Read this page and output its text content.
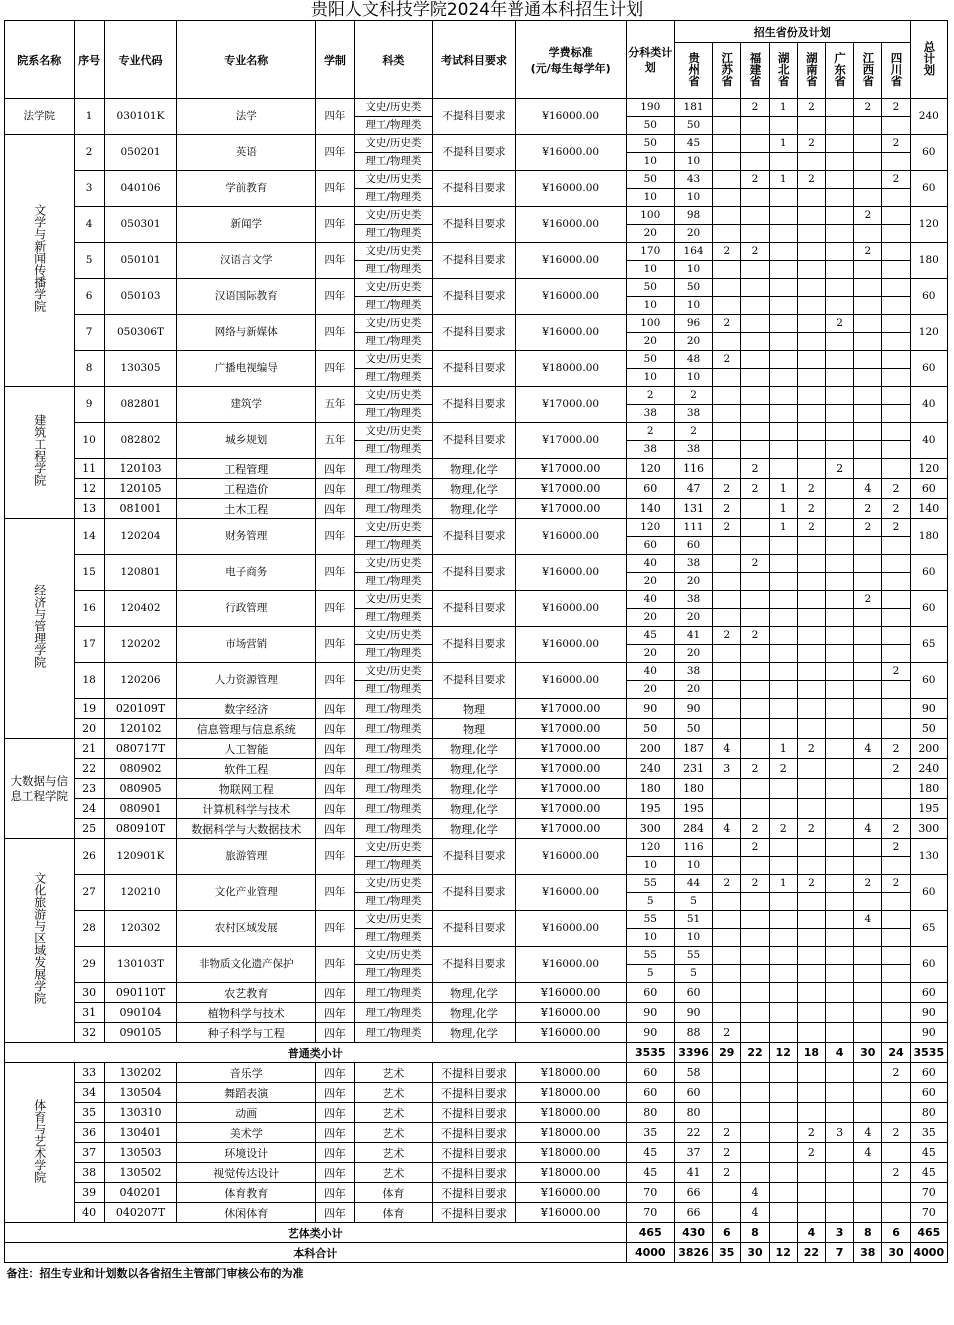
贵阳人文科技学院2024年普通本科招生计划
院系名称	序号	专业代码	专业名称	学制	科类	考试科目要求	学费标准
(元/每生每学年)	分科类计划	招生省份及计划								总计划
									贵州省	江苏省	福建省	湖北省	湖南省	广东省	江西省	四川省	
法学院	1	030101K	法学	四年	文史/历史类	不提科目要求	¥16000.00	190	181		2	1	2		2	2	240
					理工/物理类			50	50								
文学与新闻传播学院	2	050201	英语	四年	文史/历史类	不提科目要求	¥16000.00	50	45			1	2			2	60
					理工/物理类			10	10								
	3	040106	学前教育	四年	文史/历史类	不提科目要求	¥16000.00	50	43		2	1	2			2	60
					理工/物理类			10	10								
	4	050301	新闻学	四年	文史/历史类	不提科目要求	¥16000.00	100	98						2		120
					理工/物理类			20	20								
	5	050101	汉语言文学	四年	文史/历史类	不提科目要求	¥16000.00	170	164	2	2				2		180
					理工/物理类			10	10								
	6	050103	汉语国际教育	四年	文史/历史类	不提科目要求	¥16000.00	50	50								60
					理工/物理类			10	10								
	7	050306T	网络与新媒体	四年	文史/历史类	不提科目要求	¥16000.00	100	96	2				2			120
					理工/物理类			20	20								
	8	130305	广播电视编导	四年	文史/历史类	不提科目要求	¥18000.00	50	48	2							60
					理工/物理类			10	10								
建筑工程学院	9	082801	建筑学	五年	文史/历史类	不提科目要求	¥17000.00	2	2								40
					理工/物理类			38	38								
	10	082802	城乡规划	五年	文史/历史类	不提科目要求	¥17000.00	2	2								40
					理工/物理类			38	38								
	11	120103	工程管理	四年	理工/物理类	物理,化学	¥17000.00	120	116		2			2			120
	12	120105	工程造价	四年	理工/物理类	物理,化学	¥17000.00	60	47	2	2	1	2		4	2	60
	13	081001	土木工程	四年	理工/物理类	物理,化学	¥17000.00	140	131	2		1	2		2	2	140
经济与管理学院	14	120204	财务管理	四年	文史/历史类	不提科目要求	¥16000.00	120	111	2		1	2		2	2	180
					理工/物理类			60	60								
	15	120801	电子商务	四年	文史/历史类	不提科目要求	¥16000.00	40	38		2						60
					理工/物理类			20	20								
	16	120402	行政管理	四年	文史/历史类	不提科目要求	¥16000.00	40	38						2		60
					理工/物理类			20	20								
	17	120202	市场营销	四年	文史/历史类	不提科目要求	¥16000.00	45	41	2	2						65
					理工/物理类			20	20								
	18	120206	人力资源管理	四年	文史/历史类	不提科目要求	¥16000.00	40	38							2	60
					理工/物理类			20	20								
	19	020109T	数字经济	四年	理工/物理类	物理	¥17000.00	90	90								90
	20	120102	信息管理与信息系统	四年	理工/物理类	物理	¥17000.00	50	50								50
大数据与信息工程学院	21	080717T	人工智能	四年	理工/物理类	物理,化学	¥17000.00	200	187	4		1	2		4	2	200
	22	080902	软件工程	四年	理工/物理类	物理,化学	¥17000.00	240	231	3	2	2				2	240
	23	080905	物联网工程	四年	理工/物理类	物理,化学	¥17000.00	180	180								180
	24	080901	计算机科学与技术	四年	理工/物理类	物理,化学	¥17000.00	195	195								195
	25	080910T	数据科学与大数据技术	四年	理工/物理类	物理,化学	¥17000.00	300	284	4	2	2	2		4	2	300
文化旅游与区域发展学院	26	120901K	旅游管理	四年	文史/历史类	不提科目要求	¥16000.00	120	116		2					2	130
					理工/物理类			10	10								
	27	120210	文化产业管理	四年	文史/历史类	不提科目要求	¥16000.00	55	44	2	2	1	2		2	2	60
					理工/物理类			5	5								
	28	120302	农村区域发展	四年	文史/历史类	不提科目要求	¥16000.00	55	51						4		65
					理工/物理类			10	10								
	29	130103T	非物质文化遗产保护	四年	文史/历史类	不提科目要求	¥16000.00	55	55								60
					理工/物理类			5	5								
	30	090110T	农艺教育	四年	理工/物理类	物理,化学	¥16000.00	60	60								60
	31	090104	植物科学与技术	四年	理工/物理类	物理,化学	¥16000.00	90	90								90
	32	090105	种子科学与工程	四年	理工/物理类	物理,化学	¥16000.00	90	88	2							90
普通类小计								3535	3396	29	22	12	18	4	30	24	3535
体育与艺术学院	33	130202	音乐学	四年	艺术	不提科目要求	¥18000.00	60	58							2	60
	34	130504	舞蹈表演	四年	艺术	不提科目要求	¥18000.00	60	60								60
	35	130310	动画	四年	艺术	不提科目要求	¥18000.00	80	80								80
	36	130401	美术学	四年	艺术	不提科目要求	¥18000.00	35	22	2			2	3	4	2	35
	37	130503	环境设计	四年	艺术	不提科目要求	¥18000.00	45	37	2			2		4		45
	38	130502	视觉传达设计	四年	艺术	不提科目要求	¥18000.00	45	41	2						2	45
	39	040201	体育教育	四年	体育	不提科目要求	¥16000.00	70	66		4						70
	40	040207T	休闲体育	四年	体育	不提科目要求	¥16000.00	70	66		4						70
艺体类小计								465	430	6	8		4	3	8	6	465
本科合计								4000	3826	35	30	12	22	7	38	30	4000
备注：招生专业和计划数以各省招生主管部门审核公布的为准																	
